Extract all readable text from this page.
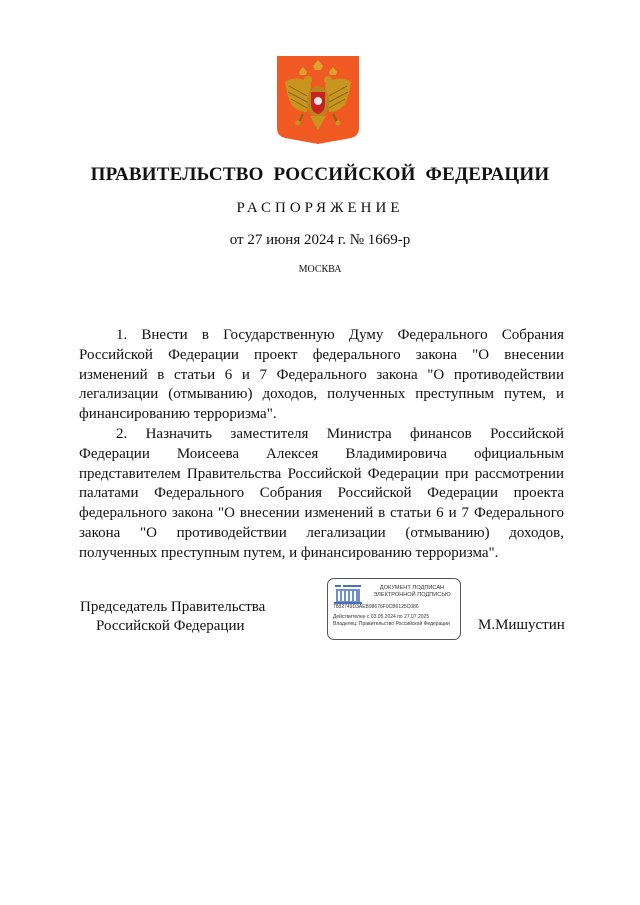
ПРАВИТЕЛЬСТВО РОССИЙСКОЙ ФЕДЕРАЦИИ
РАСПОРЯЖЕНИЕ
от 27 июня 2024 г. № 1669-р
МОСКВА

1. Внести в Государственную Думу Федерального Собрания Российской Федерации проект федерального закона "О внесении изменений в статьи 6 и 7 Федерального закона "О противодействии легализации (отмыванию) доходов, полученных преступным путем, и финансированию терроризма".

2. Назначить заместителя Министра финансов Российской Федерации Моисеева Алексея Владимировича официальным представителем Правительства Российской Федерации при рассмотрении палатами Федерального Собрания Российской Федерации проекта федерального закона "О внесении изменений в статьи 6 и 7 Федерального закона "О противодействии легализации (отмыванию) доходов, полученных преступным путем, и финансированию терроризма".

Председатель Правительства
Российской Федерации
ДОКУМЕНТ ПОДПИСАН
ЭЛЕКТРОННОЙ ПОДПИСЬЮ
7882749D3AEB98676F0CB6125C086
Действителен с 03.05.2024 по 27.07.2025
Владелец: Правительство Российской Федерации	М.Мишустин
